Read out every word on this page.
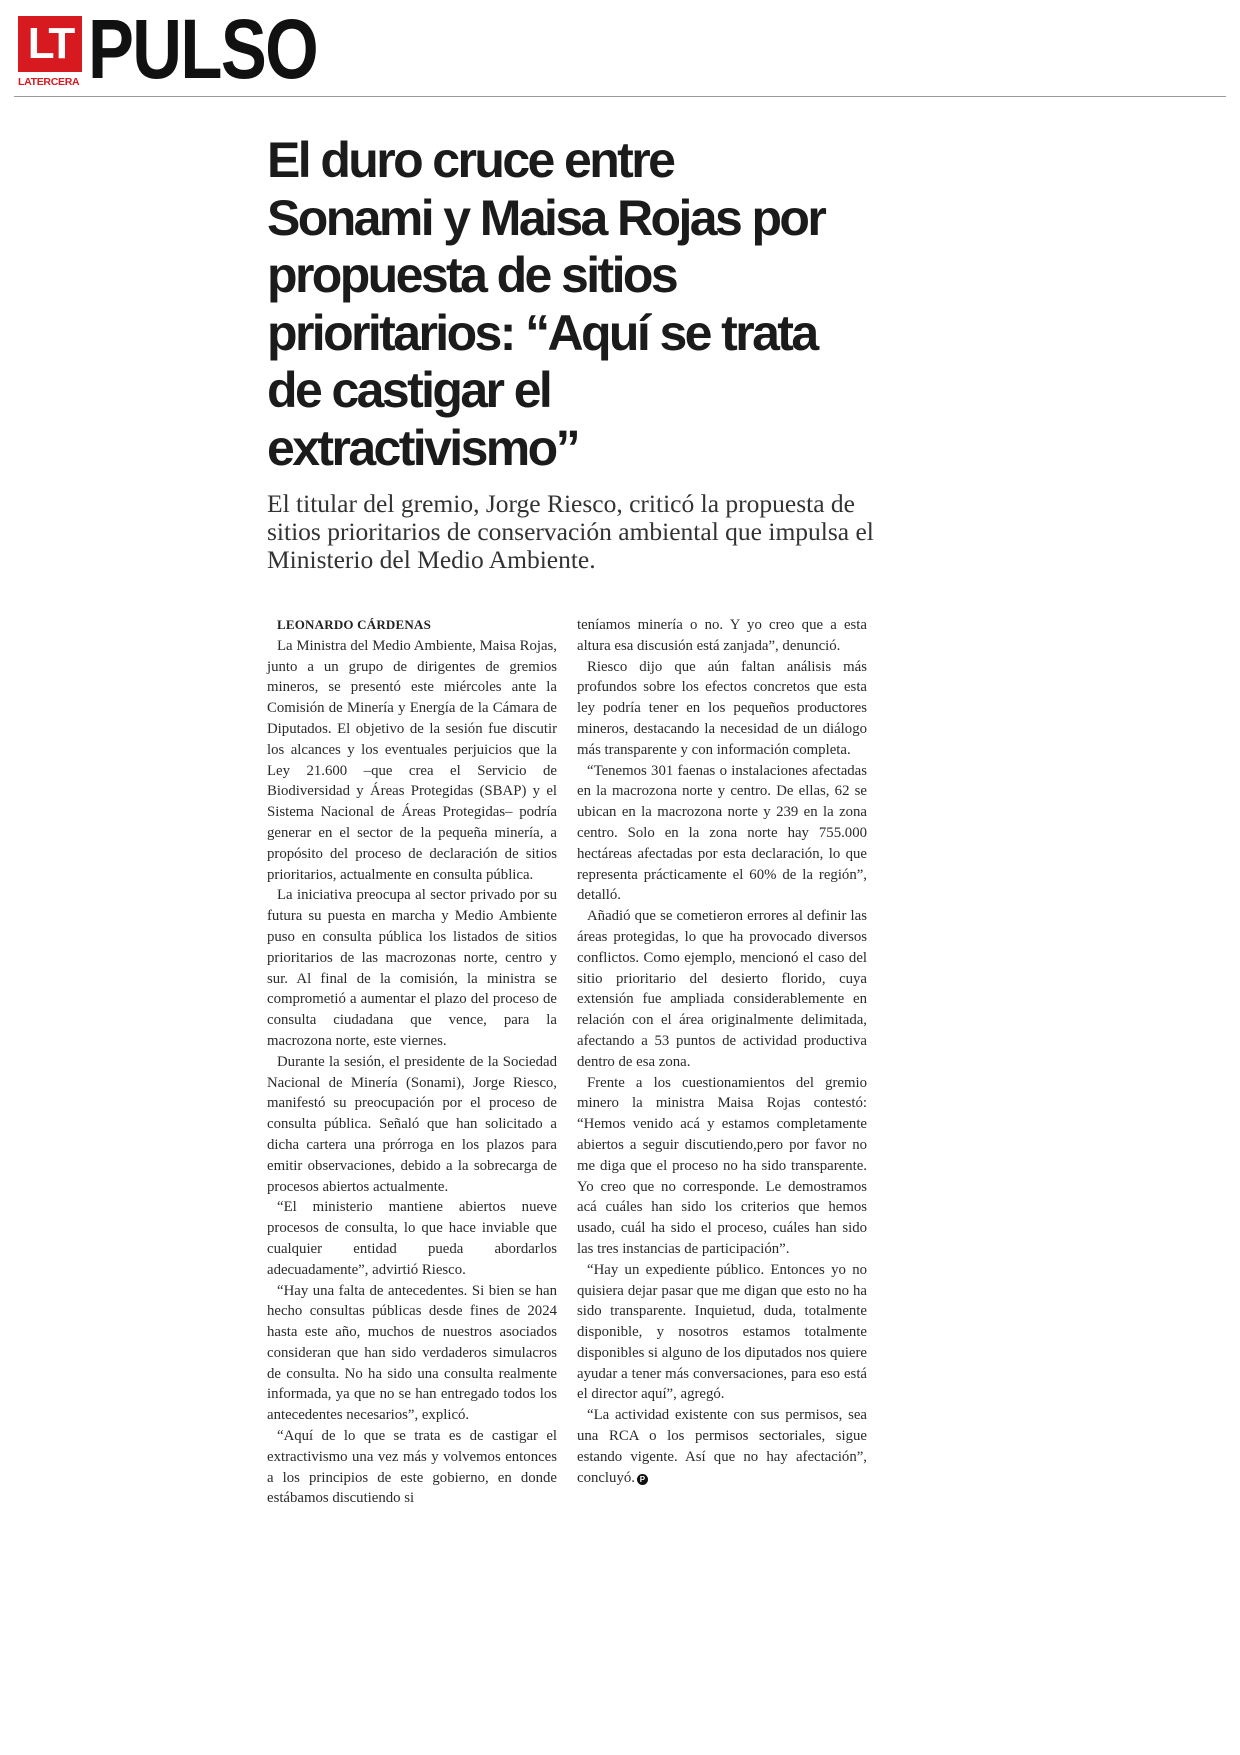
LT
LATERCERA PULSO
El duro cruce entre Sonami y Maisa Rojas por propuesta de sitios prioritarios: “Aquí se trata de castigar el extractivismo”

El titular del gremio, Jorge Riesco, criticó la propuesta de sitios prioritarios de conservación ambiental que impulsa el Ministerio del Medio Ambiente.

LEONARDO CÁRDENAS

La Ministra del Medio Ambiente, Maisa Rojas, junto a un grupo de dirigentes de gremios mineros, se presentó este miércoles ante la Comisión de Minería y Energía de la Cámara de Diputados. El objetivo de la sesión fue discutir los alcances y los eventuales perjuicios que la Ley 21.600 –que crea el Servicio de Biodiversidad y Áreas Protegidas (SBAP) y el Sistema Nacional de Áreas Protegidas– podría generar en el sector de la pequeña minería, a propósito del proceso de declaración de sitios prioritarios, actualmente en consulta pública.

La iniciativa preocupa al sector privado por su futura su puesta en marcha y Medio Ambiente puso en consulta pública los listados de sitios prioritarios de las macrozonas norte, centro y sur. Al final de la comisión, la ministra se comprometió a aumentar el plazo del proceso de consulta ciudadana que vence, para la macrozona norte, este viernes.

Durante la sesión, el presidente de la Sociedad Nacional de Minería (Sonami), Jorge Riesco, manifestó su preocupación por el proceso de consulta pública. Señaló que han solicitado a dicha cartera una prórroga en los plazos para emitir observaciones, debido a la sobrecarga de procesos abiertos actualmente.

“El ministerio mantiene abiertos nueve procesos de consulta, lo que hace inviable que cualquier entidad pueda abordarlos adecuadamente”, advirtió Riesco.

“Hay una falta de antecedentes. Si bien se han hecho consultas públicas desde fines de 2024 hasta este año, muchos de nuestros asociados consideran que han sido verdaderos simulacros de consulta. No ha sido una consulta realmente informada, ya que no se han entregado todos los antecedentes necesarios”, explicó.

“Aquí de lo que se trata es de castigar el extractivismo una vez más y volvemos entonces a los principios de este gobierno, en donde estábamos discutiendo si

teníamos minería o no. Y yo creo que a esta altura esa discusión está zanjada”, denunció.

Riesco dijo que aún faltan análisis más profundos sobre los efectos concretos que esta ley podría tener en los pequeños productores mineros, destacando la necesidad de un diálogo más transparente y con información completa.

“Tenemos 301 faenas o instalaciones afectadas en la macrozona norte y centro. De ellas, 62 se ubican en la macrozona norte y 239 en la zona centro. Solo en la zona norte hay 755.000 hectáreas afectadas por esta declaración, lo que representa prácticamente el 60% de la región”, detalló.

Añadió que se cometieron errores al definir las áreas protegidas, lo que ha provocado diversos conflictos. Como ejemplo, mencionó el caso del sitio prioritario del desierto florido, cuya extensión fue ampliada considerablemente en relación con el área originalmente delimitada, afectando a 53 puntos de actividad productiva dentro de esa zona.

Frente a los cuestionamientos del gremio minero la ministra Maisa Rojas contestó: “Hemos venido acá y estamos completamente abiertos a seguir discutiendo,pero por favor no me diga que el proceso no ha sido transparente. Yo creo que no corresponde. Le demostramos acá cuáles han sido los criterios que hemos usado, cuál ha sido el proceso, cuáles han sido las tres instancias de participación”.

“Hay un expediente público. Entonces yo no quisiera dejar pasar que me digan que esto no ha sido transparente. Inquietud, duda, totalmente disponible, y nosotros estamos totalmente disponibles si alguno de los diputados nos quiere ayudar a tener más conversaciones, para eso está el director aquí”, agregó.

“La actividad existente con sus permisos, sea una RCA o los permisos sectoriales, sigue estando vigente. Así que no hay afectación”, concluyó. P
